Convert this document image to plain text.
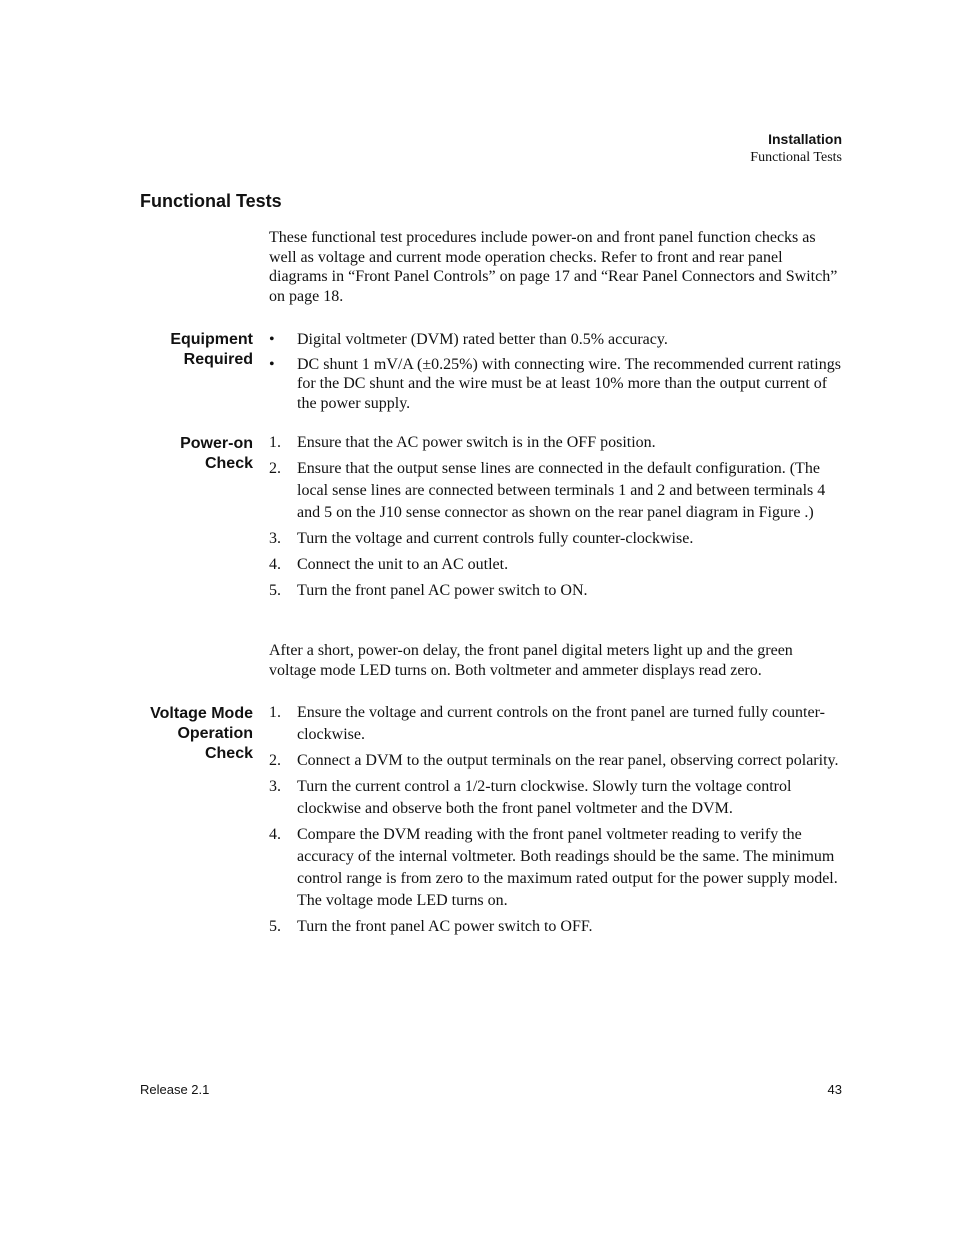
Installation
Functional Tests
Functional Tests
These functional test procedures include power-on and front panel function checks as well as voltage and current mode operation checks. Refer to front and rear panel diagrams in “Front Panel Controls” on page 17 and “Rear Panel Connectors and Switch” on page 18.
Equipment
Required
• Digital voltmeter (DVM) rated better than 0.5% accuracy.
• DC shunt 1 mV/A (±0.25%) with connecting wire. The recommended current ratings for the DC shunt and the wire must be at least 10% more than the output current of the power supply.
Power-on
Check
1. Ensure that the AC power switch is in the OFF position.
2. Ensure that the output sense lines are connected in the default configuration. (The local sense lines are connected between terminals 1 and 2 and between terminals 4 and 5 on the J10 sense connector as shown on the rear panel diagram in Figure .)
3. Turn the voltage and current controls fully counter-clockwise.
4. Connect the unit to an AC outlet.
5. Turn the front panel AC power switch to ON.
After a short, power-on delay, the front panel digital meters light up and the green voltage mode LED turns on. Both voltmeter and ammeter displays read zero.
Voltage Mode
Operation
Check
1. Ensure the voltage and current controls on the front panel are turned fully counter-clockwise.
2. Connect a DVM to the output terminals on the rear panel, observing correct polarity.
3. Turn the current control a 1/2-turn clockwise. Slowly turn the voltage control clockwise and observe both the front panel voltmeter and the DVM.
4. Compare the DVM reading with the front panel voltmeter reading to verify the accuracy of the internal voltmeter. Both readings should be the same. The minimum control range is from zero to the maximum rated output for the power supply model. The voltage mode LED turns on.
5. Turn the front panel AC power switch to OFF.
Release 2.1	43
